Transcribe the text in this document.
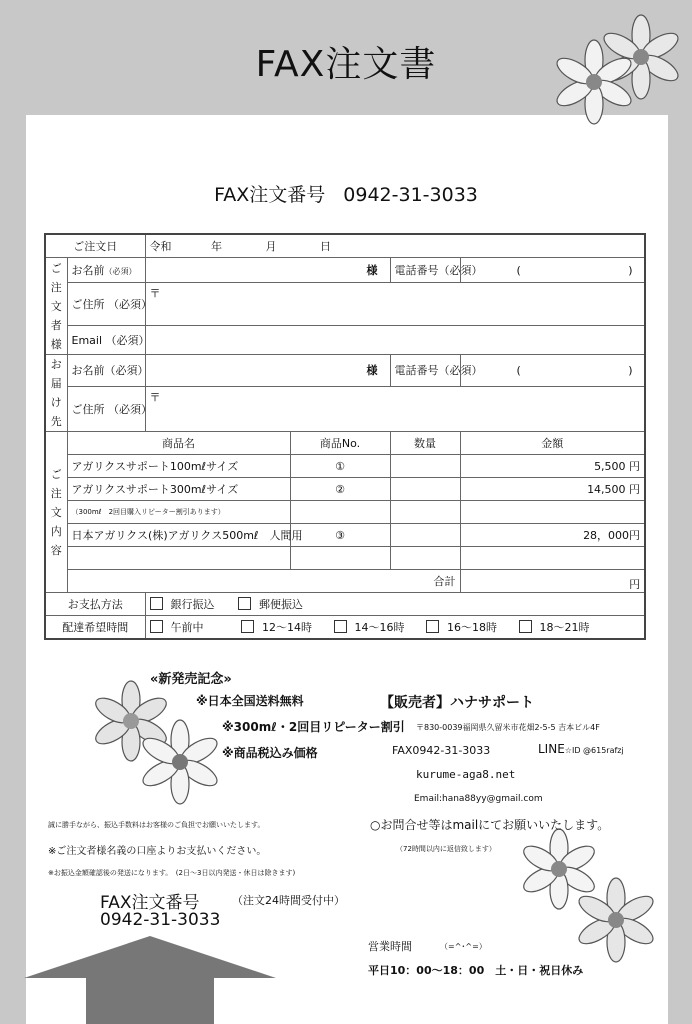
FAX注文書
FAX注文番号 0942-31-3033
ご注文日		令和 年 月 日			

ご
注
文
者
様	お名前（必須）	様		電話番号（必須）	( )
	ご住所 （必須）	〒			
	Email （必須）				

お
届
け
先	お名前（必須）	様		電話番号（必須）	( )
	ご住所 （必須）	〒			

ご
注
文
内
容	商品名		商品No.	数量	金額
	アガリクスサポート100mℓサイズ		①		5,500 円
	アガリクスサポート300mℓサイズ		②		14,500 円
	（300mℓ　2回目購入リピーター割引あります）				
	日本アガリクス(株)アガリクス500mℓ　人間用		③		28，000円

	合計				円
お支払方法		銀行振込 郵便振込			
配達希望時間		午前中 12～14時 14～16時 16～18時 18～21時			
«新発売記念»
※日本全国送料無料
※300mℓ・2回目リピーター割引
※商品税込み価格
【販売者】ハナサポート
〒830-0039福岡県久留米市花畑2-5-5 吉本ビル4F
FAX0942-31-3033	LINE☆ID @615rafzj
kurume-aga8.net
Email:hana88yy@gmail.com
○お問合せ等はmailにてお願いいたします。
（72時間以内に返信致します）
誠に勝手ながら、振込手数料はお客様のご負担でお願いいたします。
※ご注文者様名義の口座よりお支払いください。
※お振込金額確認後の発送になります。　(2日～3日以内発送・休日は除きます)
FAX注文番号	（注文24時間受付中）
0942-31-3033
営業時間	（=^･^=）
平日10：00～18：00　土・日・祝日休み
